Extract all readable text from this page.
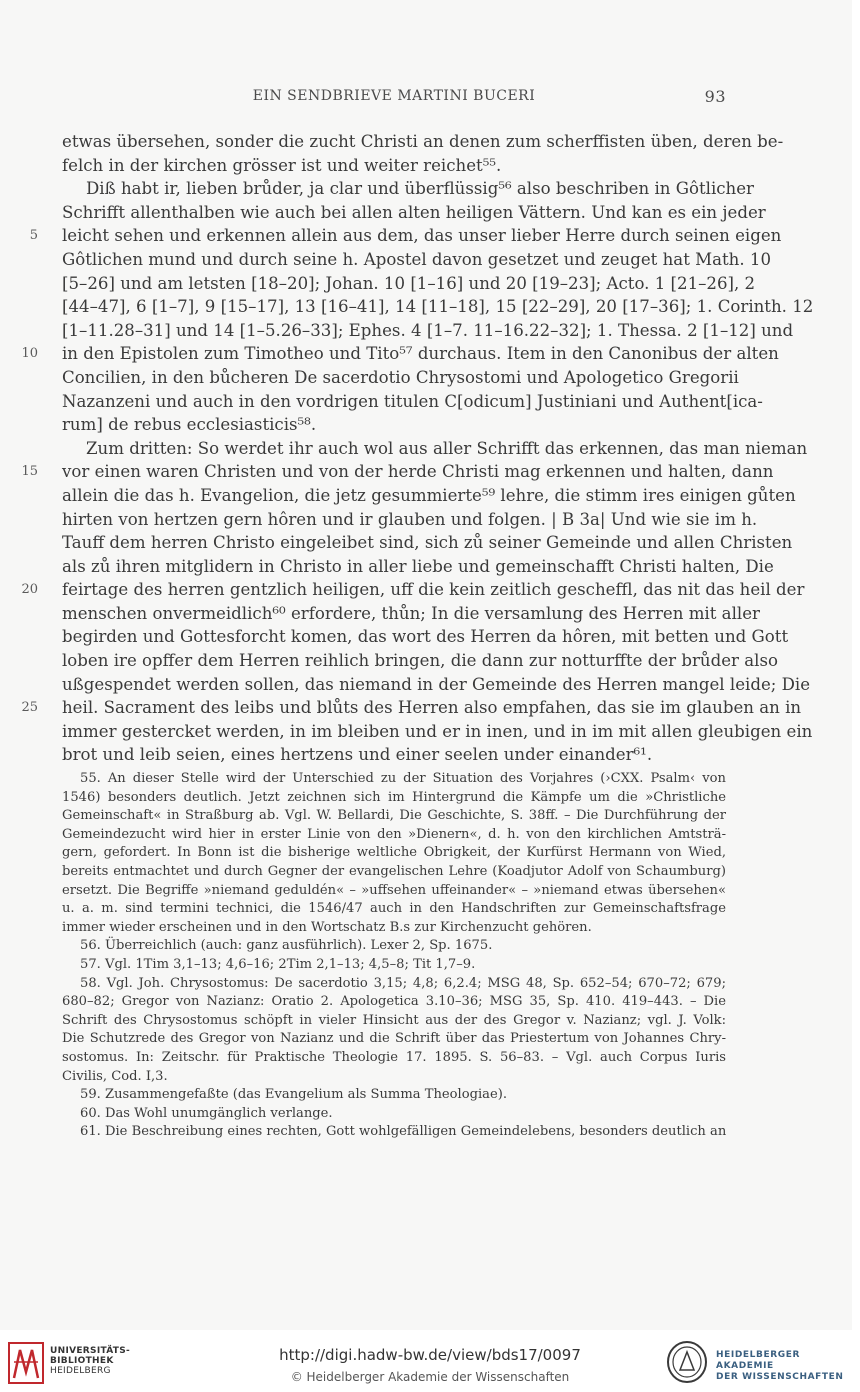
EIN SENDBRIEVE MARTINI BUCERI	93
etwas übersehen, sonder die zucht Christi an denen zum scherffisten üben, deren be-
felch in der kirchen grösser ist und weiter reichet⁵⁵.
Diß habt ir, lieben brůder, ja clar und überflüssig⁵⁶ also beschriben in Gôtlicher
Schrifft allenthalben wie auch bei allen alten heiligen Vättern. Und kan es ein jeder
leicht sehen und erkennen allein aus dem, das unser lieber Herre durch seinen eigen
Gôtlichen mund und durch seine h. Apostel davon gesetzet und zeuget hat Math. 10
[5–26] und am letsten [18–20]; Johan. 10 [1–16] und 20 [19–23]; Acto. 1 [21–26], 2
[44–47], 6 [1–7], 9 [15–17], 13 [16–41], 14 [11–18], 15 [22–29], 20 [17–36]; 1. Corinth. 12
[1–11.28–31] und 14 [1–5.26–33]; Ephes. 4 [1–7. 11–16.22–32]; 1. Thessa. 2 [1–12] und
in den Epistolen zum Timotheo und Tito⁵⁷ durchaus. Item in den Canonibus der alten
Concilien, in den bůcheren De sacerdotio Chrysostomi und Apologetico Gregorii
Nazanzeni und auch in den vordrigen titulen C[odicum] Justiniani und Authent[ica-
rum] de rebus ecclesiasticis⁵⁸.
Zum dritten: So werdet ihr auch wol aus aller Schrifft das erkennen, das man nieman
vor einen waren Christen und von der herde Christi mag erkennen und halten, dann
allein die das h. Evangelion, die jetz gesummierte⁵⁹ lehre, die stimm ires einigen gůten
hirten von hertzen gern hôren und ir glauben und folgen. | B 3a| Und wie sie im h.
Tauff dem herren Christo eingeleibet sind, sich zů seiner Gemeinde und allen Christen
als zů ihren mitglidern in Christo in aller liebe und gemeinschafft Christi halten, Die
feirtage des herren gentzlich heiligen, uff die kein zeitlich gescheffl, das nit das heil der
menschen onvermeidlich⁶⁰ erfordere, thůn; In die versamlung des Herren mit aller
begirden und Gottesforcht komen, das wort des Herren da hôren, mit betten und Gott
loben ire opffer dem Herren reihlich bringen, die dann zur notturffte der brůder also
ußgespendet werden sollen, das niemand in der Gemeinde des Herren mangel leide; Die
heil. Sacrament des leibs und blůts des Herren also empfahen, das sie im glauben an in
immer gestercket werden, in im bleiben und er in inen, und in im mit allen gleubigen ein
brot und leib seien, eines hertzens und einer seelen under einander⁶¹.
55. An dieser Stelle wird der Unterschied zu der Situation des Vorjahres (›CXX. Psalm‹ von
1546) besonders deutlich. Jetzt zeichnen sich im Hintergrund die Kämpfe um die »Christliche
Gemeinschaft« in Straßburg ab. Vgl. W. Bellardi, Die Geschichte, S. 38ff. – Die Durchführung der
Gemeindezucht wird hier in erster Linie von den »Dienern«, d. h. von den kirchlichen Amtsträ-
gern, gefordert. In Bonn ist die bisherige weltliche Obrigkeit, der Kurfürst Hermann von Wied,
bereits entmachtet und durch Gegner der evangelischen Lehre (Koadjutor Adolf von Schaumburg)
ersetzt. Die Begriffe »niemand geduldén« – »uffsehen uffeinander« – »niemand etwas übersehen«
u. a. m. sind termini technici, die 1546/47 auch in den Handschriften zur Gemeinschaftsfrage
immer wieder erscheinen und in den Wortschatz B.s zur Kirchenzucht gehören.
56. Überreichlich (auch: ganz ausführlich). Lexer 2, Sp. 1675.
57. Vgl. 1Tim 3,1–13; 4,6–16; 2Tim 2,1–13; 4,5–8; Tit 1,7–9.
58. Vgl. Joh. Chrysostomus: De sacerdotio 3,15; 4,8; 6,2.4; MSG 48, Sp. 652–54; 670–72; 679;
680–82; Gregor von Nazianz: Oratio 2. Apologetica 3.10–36; MSG 35, Sp. 410. 419–443. – Die
Schrift des Chrysostomus schöpft in vieler Hinsicht aus der des Gregor v. Nazianz; vgl. J. Volk:
Die Schutzrede des Gregor von Nazianz und die Schrift über das Priestertum von Johannes Chry-
sostomus. In: Zeitschr. für Praktische Theologie 17. 1895. S. 56–83. – Vgl. auch Corpus Iuris
Civilis, Cod. I,3.
59. Zusammengefaßte (das Evangelium als Summa Theologiae).
60. Das Wohl unumgänglich verlange.
61. Die Beschreibung eines rechten, Gott wohlgefälligen Gemeindelebens, besonders deutlich an
5
10
15
20
25
UNIVERSITÄTS-
BIBLIOTHEK
HEIDELBERG
http://digi.hadw-bw.de/view/bds17/0097
© Heidelberger Akademie der Wissenschaften
HEIDELBERGER AKADEMIE
DER WISSENSCHAFTEN
